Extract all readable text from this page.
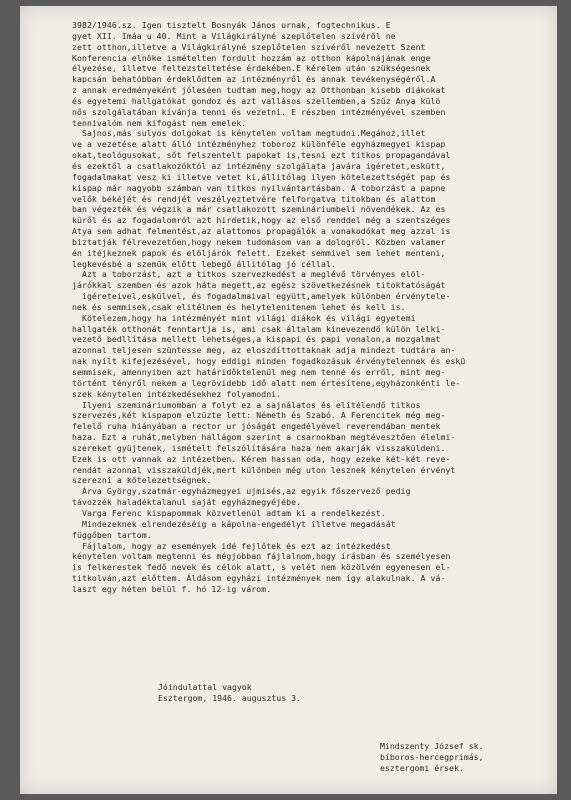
3982/1946.sz. Igen tisztelt Bosnyák János urnak, fogtechnikus. E
gyet XII. Imáa u 40. Mint a Világkirályné szeplőtelen szívéről ne
zett otthon,illetve a Világkirályné szeplőtelen szívéről nevezett Szent
Konferencia elnöke ismételten fordult hozzám az otthon kápolnájának enge
élyezése, illetve feltezsteltetése érdekében.E kérelem után szükségesnek
kapcsán behatóbban érdeklődtem az intézményről és annak tevékenységéről.A
z annak eredményeként jóleséen tudtam meg,hogy az Otthonban kisebb diákokat
és egyetemi hallgatókat gondoz és azt vallásos szellemben,a Szűz Anya külö
nős szolgálatában kívánja tenni és vezetni. E részben intézményével szemben
tennivalóm nem kifogást nem emelek.
Sajnos,más sulyos dolgokat is kénytelen voltam megtudni.Megához,illet
ve a vezetése alatt álló intézményhez toboroz különféle egyházmegyei kispap
okat,teológusokat, sőt felszentelt papokat is,tesni ezt titkos propagandával
és ezektől a csatlakozóktól az intézmény szolgálata javára igéretet,eskütt,
fogadalmakat vesz ki illetve vetet ki,állitólag ilyen kötelezettségét pap és
kispap már nagyobb számban van titkos nyilvántartásban. A toborzást a papne
velők békéjét és rendjét veszélyeztetvére felforgatva titokban és alattom
ban végezték és végzik a már csatlakozott szemináriumbeli növendékek. Az es
küről és az fogadalomról azt hirdetik,hogy az első renddel még a szentszéges
Atya sem adhat felmentést,az alattomos propagálók a vonakodókat meg azzal is
biztatják félrevezetően,hogy nekem tudomásom van a dologról. Közben valamer
én itéjkeznek papok és elöljárók felett. Ezeket semmivel sem lehet menteni,
legkevésbé a szemük előtt lebegő állitólag jó céllal.
Azt a toborzást, azt a titkos szervezkedést a meglévő törvényes elöl-
járókkal szemben és azok háta megett,az egész szövetkezésnek titoktatóságát
igéreteivel,eskülvel, és fogadalmaival együtt,amelyek különben érvénytele-
nek és semmisek,csak elitélnem és helytelenitenem lehet és kell is.
Kötelezem,hogy ha intézményét mint világi diákok és világi egyetemi
hallgaték otthonát fenntartja is, ami csak általam kinevezendő külön lelki-
vezető bedllítása mellett lehetséges,a kispapi és papi vonalon,a mozgalmat
azonnal teljesen szüntesse meg, az eloszdíttottaknak adja mindezt tudtára an-
nak nyílt kifejezésével, hogy eddigi minden fogadkozásuk érvénytelennek és eskü
semmisek, amennyiben azt határidőktelenül meg nem tenné és erről, mint meg-
történt tényről nekem a legrövidebb idő alatt nem értesítene,egyházonkénti le-
szek kénytelen intézkedésekhez folyamodni.
Ilyeni szemináriumomban a folyt ez a sajnálatos és elitélendő titkos
szervezés,két kispapom elzüzte lett: Németh és Szabó. A Ferencitek még meg-
felelő ruha hiányában a rector ur jóságát engedélyével reverendában mentek
haza. Ezt a ruhát,melyben hallágom szerint a csarnokban megtévesztően élelmi-
szereket gyüjtenek, ismételt felszólítására haza nem akarják visszaküldeni.
Ezek is ott vannak az intézetben. Kérem hassan oda, hogy ezeke két-két reve-
rendát azonnal visszaküldjék,mert különben még uton lesznek kénytelen érvényt
szerezni a kötelezettségnek.
Árva György,szatmár-egyházmegyei ujmisés,az egyik főszervező pedig
távozzék haladéktalanul saját egyházmegyéjébe.
Varga Ferenc kispapommak közvetlenül adtam ki a rendelkezést.
Mindezeknek elrendezéséig a kápolna-engedélyt illetve megadását
függőben tartom.
Fájlalom, hogy az események idé fejlőtek és ezt az intézkedést
kénytelen voltam megtenni és mégjobban fájlalnom,hogy írásban és személyesen
is felkerestek fedő nevek és célok alatt, s velét nem közölvén egyenesen el-
titkolván,azt előttem. Áldásom egyházi intézmények nem így alakulnak. A vá-
laszt egy héten belül f. hó 12-ig várom.
Jóindulattal vagyok
Esztergom, 1946. augusztus 3.
Mindszenty József sk.
bíboros-hercegprimás,
esztergomi érsek.
